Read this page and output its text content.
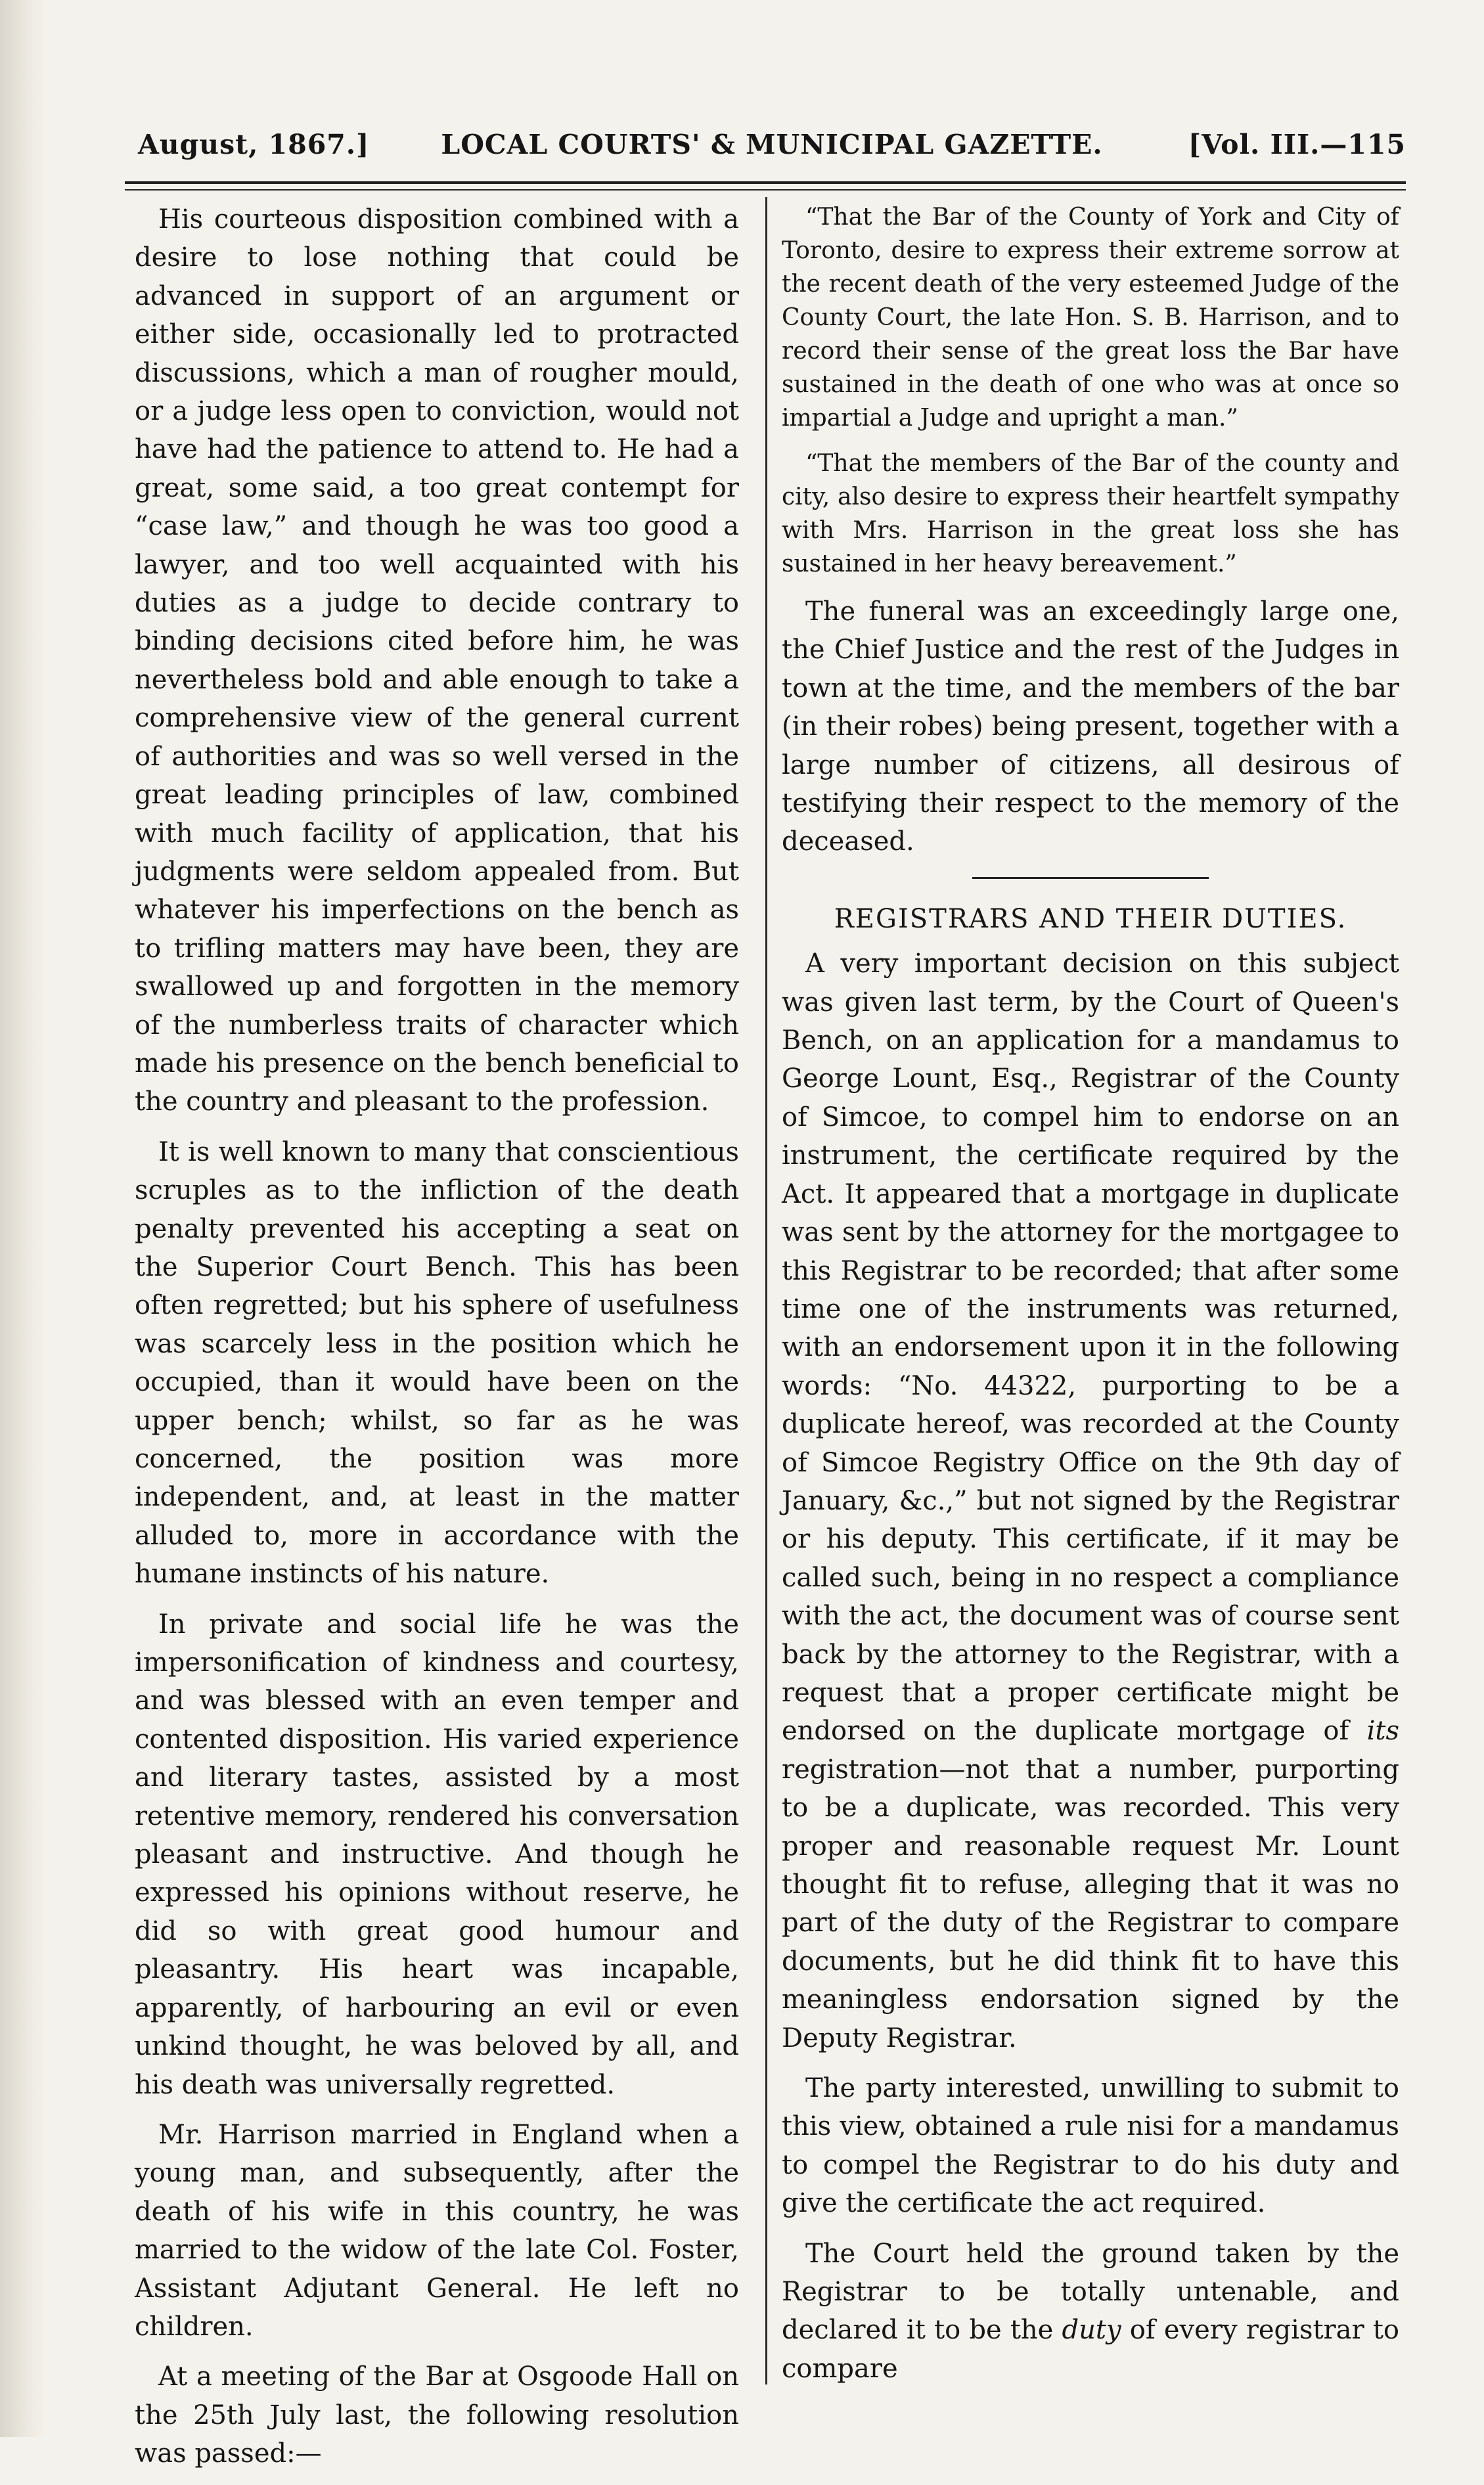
August, 1867.]	LOCAL COURTS' & MUNICIPAL GAZETTE.	[Vol. III.—115

His courteous disposition combined with a desire to lose nothing that could be advanced in support of an argument or either side, occasionally led to protracted discussions, which a man of rougher mould, or a judge less open to conviction, would not have had the patience to attend to. He had a great, some said, a too great contempt for “case law,” and though he was too good a lawyer, and too well acquainted with his duties as a judge to decide contrary to binding decisions cited before him, he was nevertheless bold and able enough to take a comprehensive view of the general current of authorities and was so well versed in the great leading principles of law, combined with much facility of application, that his judgments were seldom appealed from. But whatever his imperfections on the bench as to trifling matters may have been, they are swallowed up and forgotten in the memory of the numberless traits of character which made his presence on the bench beneficial to the country and pleasant to the profession.

It is well known to many that conscientious scruples as to the infliction of the death penalty prevented his accepting a seat on the Superior Court Bench. This has been often regretted; but his sphere of usefulness was scarcely less in the position which he occupied, than it would have been on the upper bench; whilst, so far as he was concerned, the position was more independent, and, at least in the matter alluded to, more in accordance with the humane instincts of his nature.

In private and social life he was the impersonification of kindness and courtesy, and was blessed with an even temper and contented disposition. His varied experience and literary tastes, assisted by a most retentive memory, rendered his conversation pleasant and instructive. And though he expressed his opinions without reserve, he did so with great good humour and pleasantry. His heart was incapable, apparently, of harbouring an evil or even unkind thought, he was beloved by all, and his death was universally regretted.

Mr. Harrison married in England when a young man, and subsequently, after the death of his wife in this country, he was married to the widow of the late Col. Foster, Assistant Adjutant General. He left no children.

At a meeting of the Bar at Osgoode Hall on the 25th July last, the following resolution was passed:—

“That the Bar of the County of York and City of Toronto, desire to express their extreme sorrow at the recent death of the very esteemed Judge of the County Court, the late Hon. S. B. Harrison, and to record their sense of the great loss the Bar have sustained in the death of one who was at once so impartial a Judge and upright a man.”

“That the members of the Bar of the county and city, also desire to express their heartfelt sympathy with Mrs. Harrison in the great loss she has sustained in her heavy bereavement.”

The funeral was an exceedingly large one, the Chief Justice and the rest of the Judges in town at the time, and the members of the bar (in their robes) being present, together with a large number of citizens, all desirous of testifying their respect to the memory of the deceased.

REGISTRARS AND THEIR DUTIES.

A very important decision on this subject was given last term, by the Court of Queen's Bench, on an application for a mandamus to George Lount, Esq., Registrar of the County of Simcoe, to compel him to endorse on an instrument, the certificate required by the Act. It appeared that a mortgage in duplicate was sent by the attorney for the mortgagee to this Registrar to be recorded; that after some time one of the instruments was returned, with an endorsement upon it in the following words: “No. 44322, purporting to be a duplicate hereof, was recorded at the County of Simcoe Registry Office on the 9th day of January, &c.,” but not signed by the Registrar or his deputy. This certificate, if it may be called such, being in no respect a compliance with the act, the document was of course sent back by the attorney to the Registrar, with a request that a proper certificate might be endorsed on the duplicate mortgage of its registration—not that a number, purporting to be a duplicate, was recorded. This very proper and reasonable request Mr. Lount thought fit to refuse, alleging that it was no part of the duty of the Registrar to compare documents, but he did think fit to have this meaningless endorsation signed by the Deputy Registrar.

The party interested, unwilling to submit to this view, obtained a rule nisi for a mandamus to compel the Registrar to do his duty and give the certificate the act required.

The Court held the ground taken by the Registrar to be totally untenable, and declared it to be the duty of every registrar to compare
